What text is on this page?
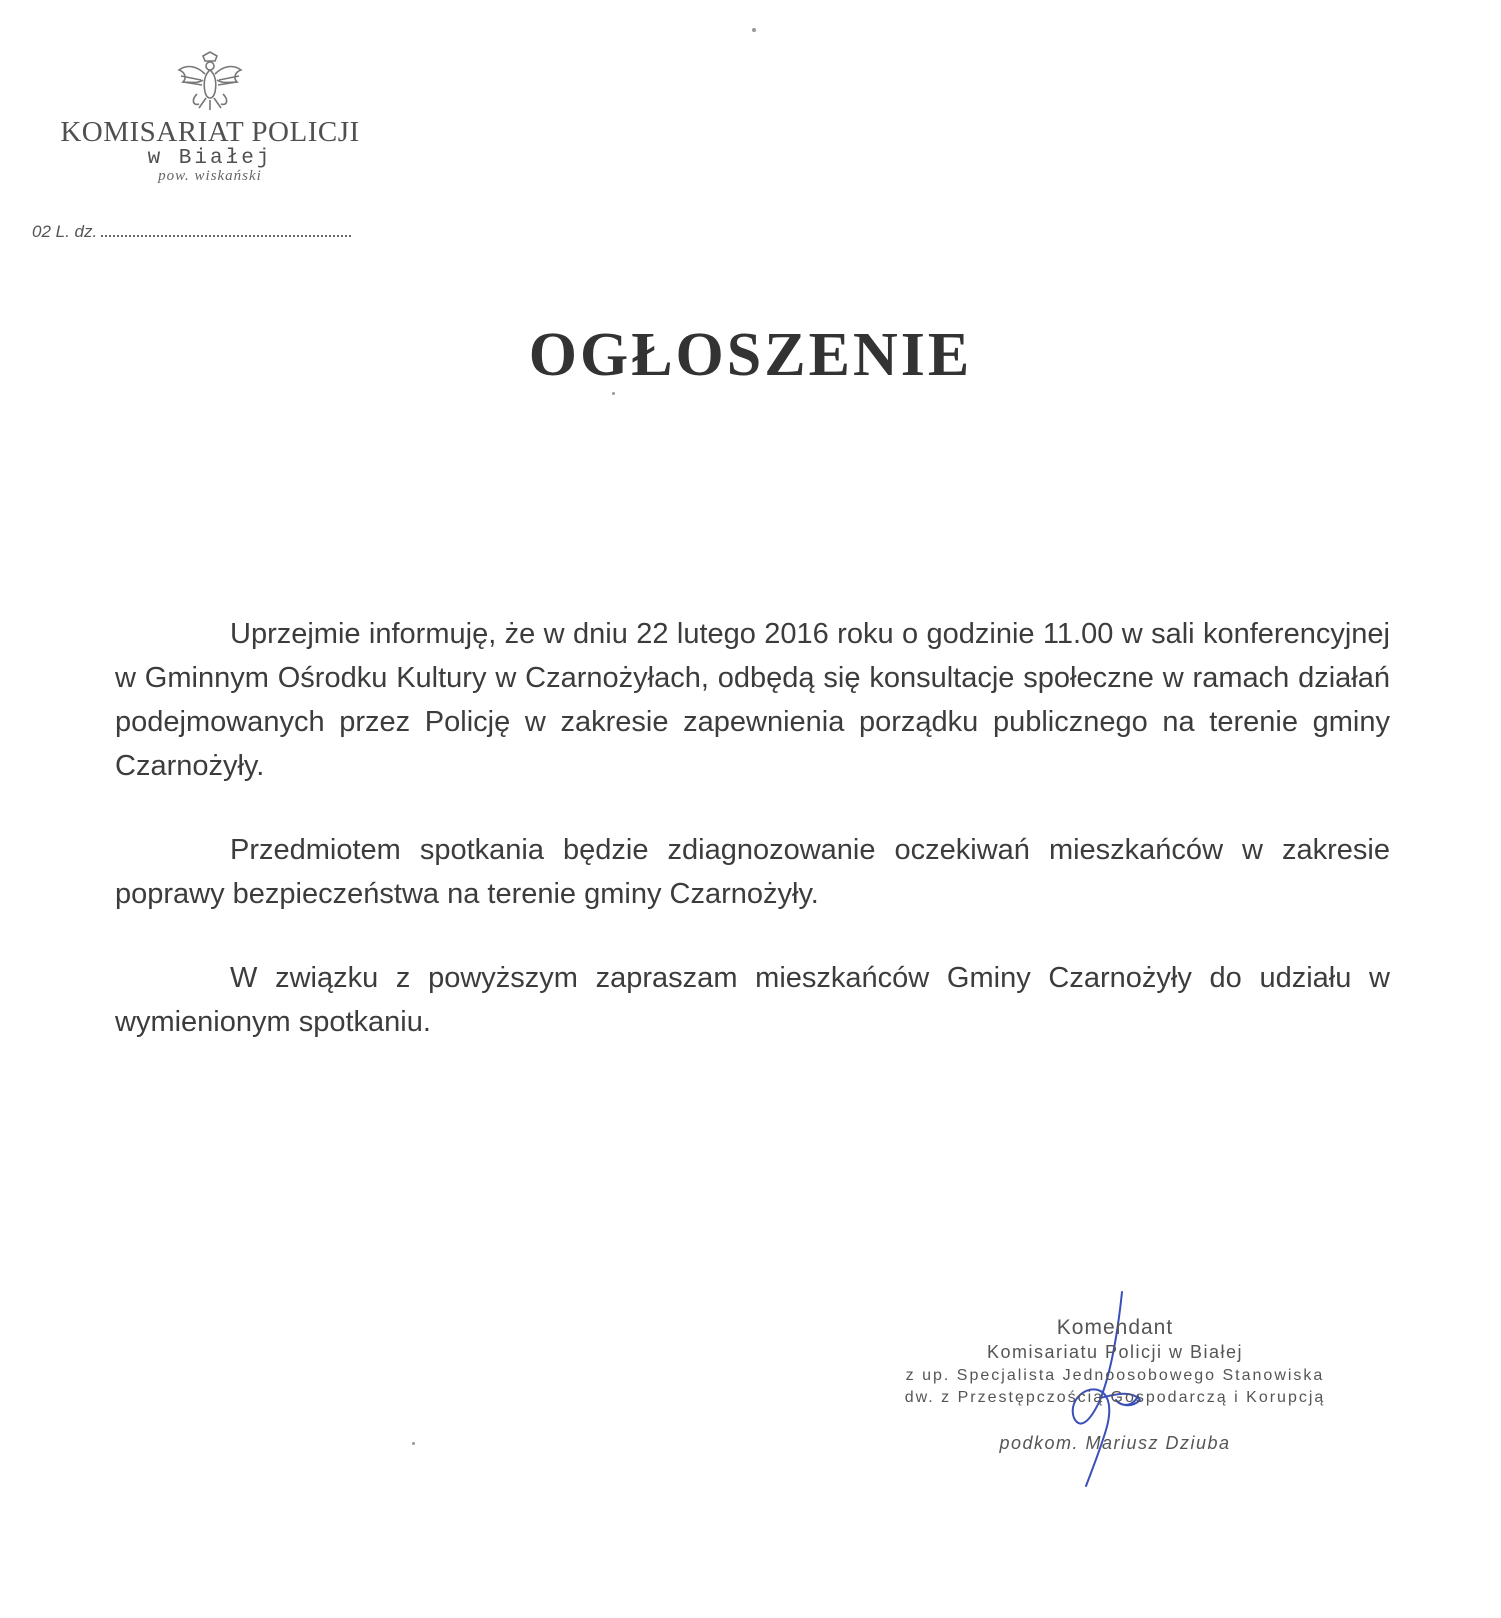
KOMISARIAT POLICJI
w Białej
pow. wiskański
02 L. dz.
OGŁOSZENIE

Uprzejmie informuję, że w dniu 22 lutego 2016 roku o godzinie 11.00 w sali konferencyjnej w Gminnym Ośrodku Kultury w Czarnożyłach, odbędą się konsultacje społeczne w ramach działań podejmowanych przez Policję w zakresie zapewnienia porządku publicznego na terenie gminy Czarnożyły.

Przedmiotem spotkania będzie zdiagnozowanie oczekiwań mieszkańców w zakresie poprawy bezpieczeństwa na terenie gminy Czarnożyły.

W związku z powyższym zapraszam mieszkańców Gminy Czarnożyły do udziału w wymienionym spotkaniu.

Komendant
Komisariatu Policji w Białej
z up. Specjalista Jednoosobowego Stanowiska
dw. z Przestępczością Gospodarczą i Korupcją
podkom. Mariusz Dziuba
